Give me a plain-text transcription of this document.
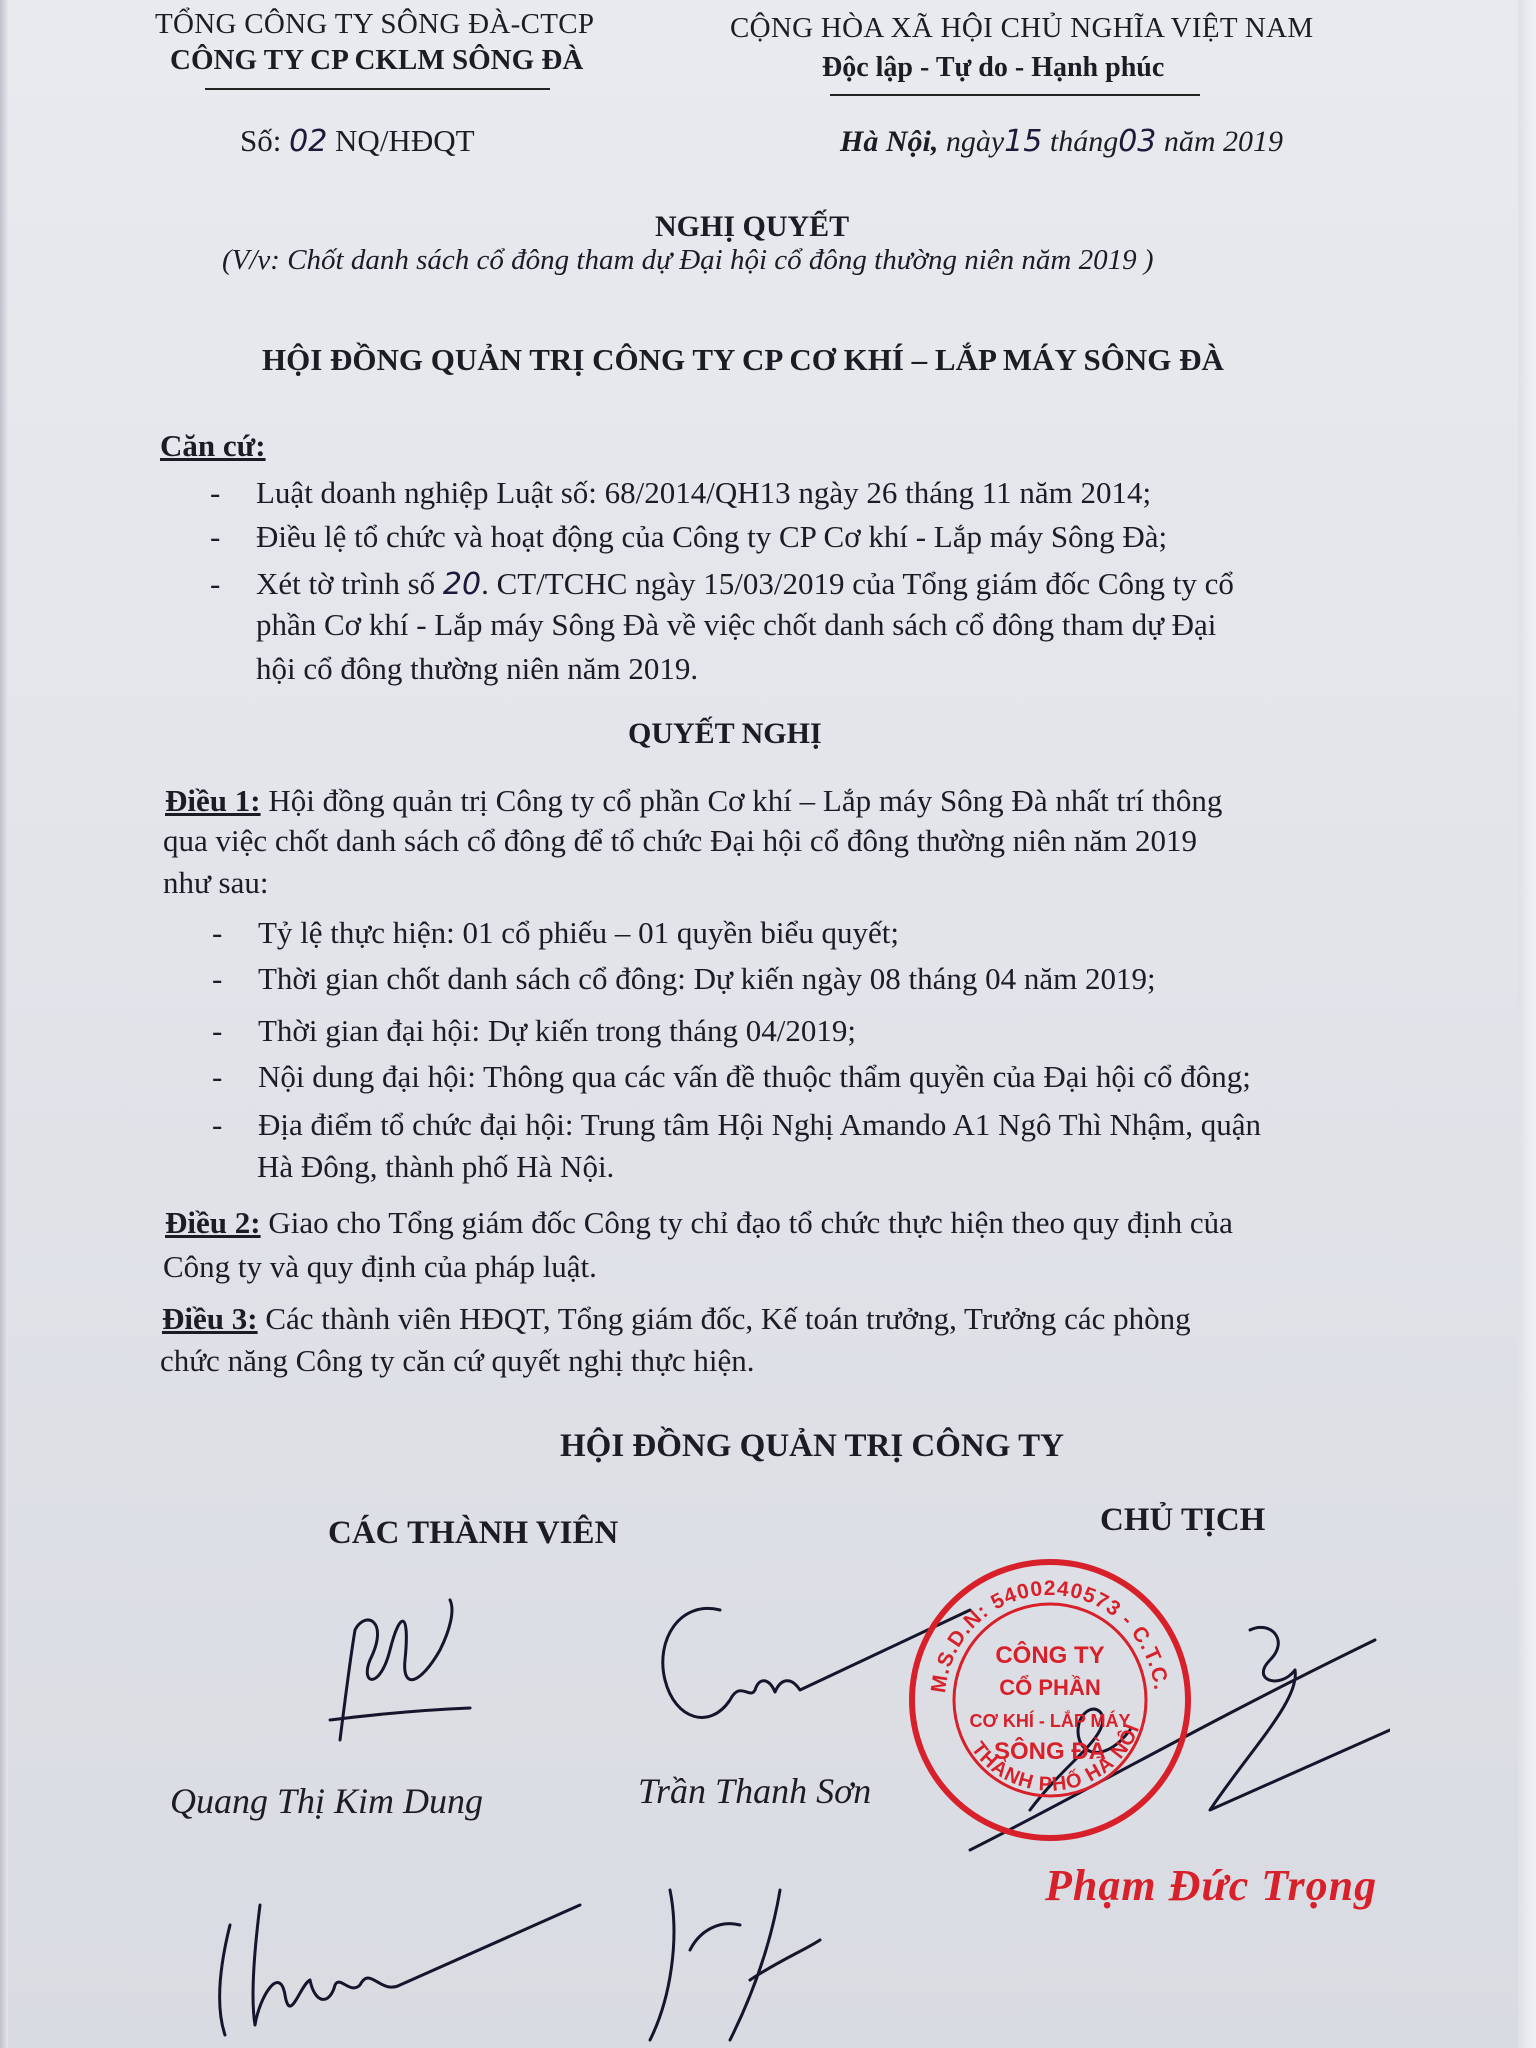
TỔNG CÔNG TY SÔNG ĐÀ-CTCP
CÔNG TY CP CKLM SÔNG ĐÀ
Số: 02 NQ/HĐQT
CỘNG HÒA XÃ HỘI CHỦ NGHĨA VIỆT NAM
Độc lập - Tự do - Hạnh phúc
Hà Nội, ngày15 tháng03 năm 2019
NGHỊ QUYẾT
(V/v: Chốt danh sách cổ đông tham dự Đại hội cổ đông thường niên năm 2019 )
HỘI ĐỒNG QUẢN TRỊ CÔNG TY CP CƠ KHÍ – LẮP MÁY SÔNG ĐÀ
Căn cứ:
- Luật doanh nghiệp Luật số: 68/2014/QH13 ngày 26 tháng 11 năm 2014;
- Điều lệ tổ chức và hoạt động của Công ty CP Cơ khí - Lắp máy Sông Đà;
- Xét tờ trình số 20. CT/TCHC ngày 15/03/2019 của Tổng giám đốc Công ty cổ
phần Cơ khí - Lắp máy Sông Đà về việc chốt danh sách cổ đông tham dự Đại
hội cổ đông thường niên năm 2019.
QUYẾT NGHỊ
Điều 1: Hội đồng quản trị Công ty cổ phần Cơ khí – Lắp máy Sông Đà nhất trí thông
qua việc chốt danh sách cổ đông để tổ chức Đại hội cổ đông thường niên năm 2019
như sau:
- Tỷ lệ thực hiện: 01 cổ phiếu – 01 quyền biểu quyết;
- Thời gian chốt danh sách cổ đông: Dự kiến ngày 08 tháng 04 năm 2019;
- Thời gian đại hội: Dự kiến trong tháng 04/2019;
- Nội dung đại hội: Thông qua các vấn đề thuộc thẩm quyền của Đại hội cổ đông;
- Địa điểm tổ chức đại hội: Trung tâm Hội Nghị Amando A1 Ngô Thì Nhậm, quận
Hà Đông, thành phố Hà Nội.
Điều 2: Giao cho Tổng giám đốc Công ty chỉ đạo tổ chức thực hiện theo quy định của
Công ty và quy định của pháp luật.
Điều 3: Các thành viên HĐQT, Tổng giám đốc, Kế toán trưởng, Trưởng các phòng
chức năng Công ty căn cứ quyết nghị thực hiện.
HỘI ĐỒNG QUẢN TRỊ CÔNG TY
CÁC THÀNH VIÊN	CHỦ TỊCH
Quang Thị Kim Dung	Trần Thanh Sơn
Phạm Đức Trọng
M.S.D.N: 5400240573 - C.T.C.
THÀNH PHỐ HÀ NỘI
CÔNG TY
CỔ PHẦN
CƠ KHÍ - LẮP MÁY
SÔNG ĐÀ
